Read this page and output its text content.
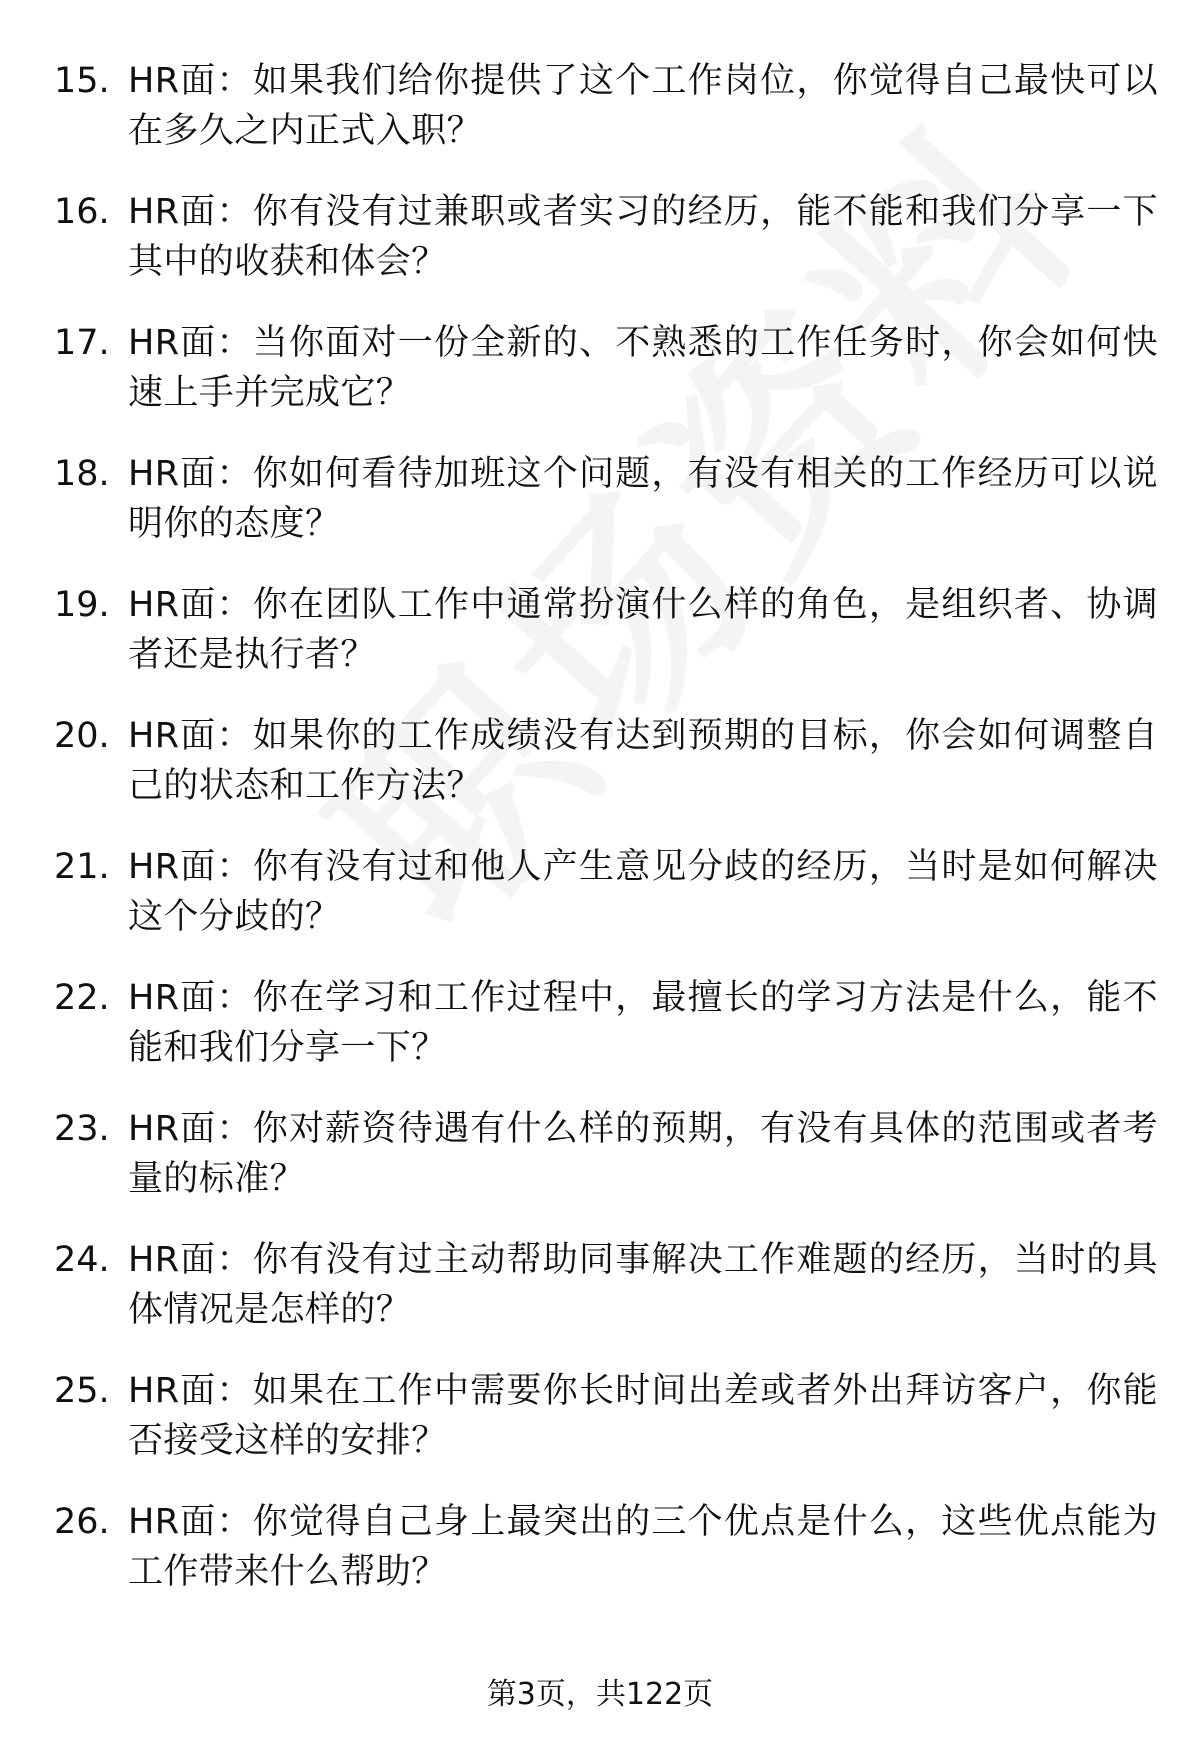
15. HR面：如果我们给你提供了这个工作岗位，你觉得自己最快可以在多久之内正式入职？
16. HR面：你有没有过兼职或者实习的经历，能不能和我们分享一下其中的收获和体会？
17. HR面：当你面对一份全新的、不熟悉的工作任务时，你会如何快速上手并完成它？
18. HR面：你如何看待加班这个问题，有没有相关的工作经历可以说明你的态度？
19. HR面：你在团队工作中通常扮演什么样的角色，是组织者、协调者还是执行者？
20. HR面：如果你的工作成绩没有达到预期的目标，你会如何调整自己的状态和工作方法？
21. HR面：你有没有过和他人产生意见分歧的经历，当时是如何解决这个分歧的？
22. HR面：你在学习和工作过程中，最擅长的学习方法是什么，能不能和我们分享一下？
23. HR面：你对薪资待遇有什么样的预期，有没有具体的范围或者考量的标准？
24. HR面：你有没有过主动帮助同事解决工作难题的经历，当时的具体情况是怎样的？
25. HR面：如果在工作中需要你长时间出差或者外出拜访客户，你能否接受这样的安排？
26. HR面：你觉得自己身上最突出的三个优点是什么，这些优点能为工作带来什么帮助？
第3页，共122页
